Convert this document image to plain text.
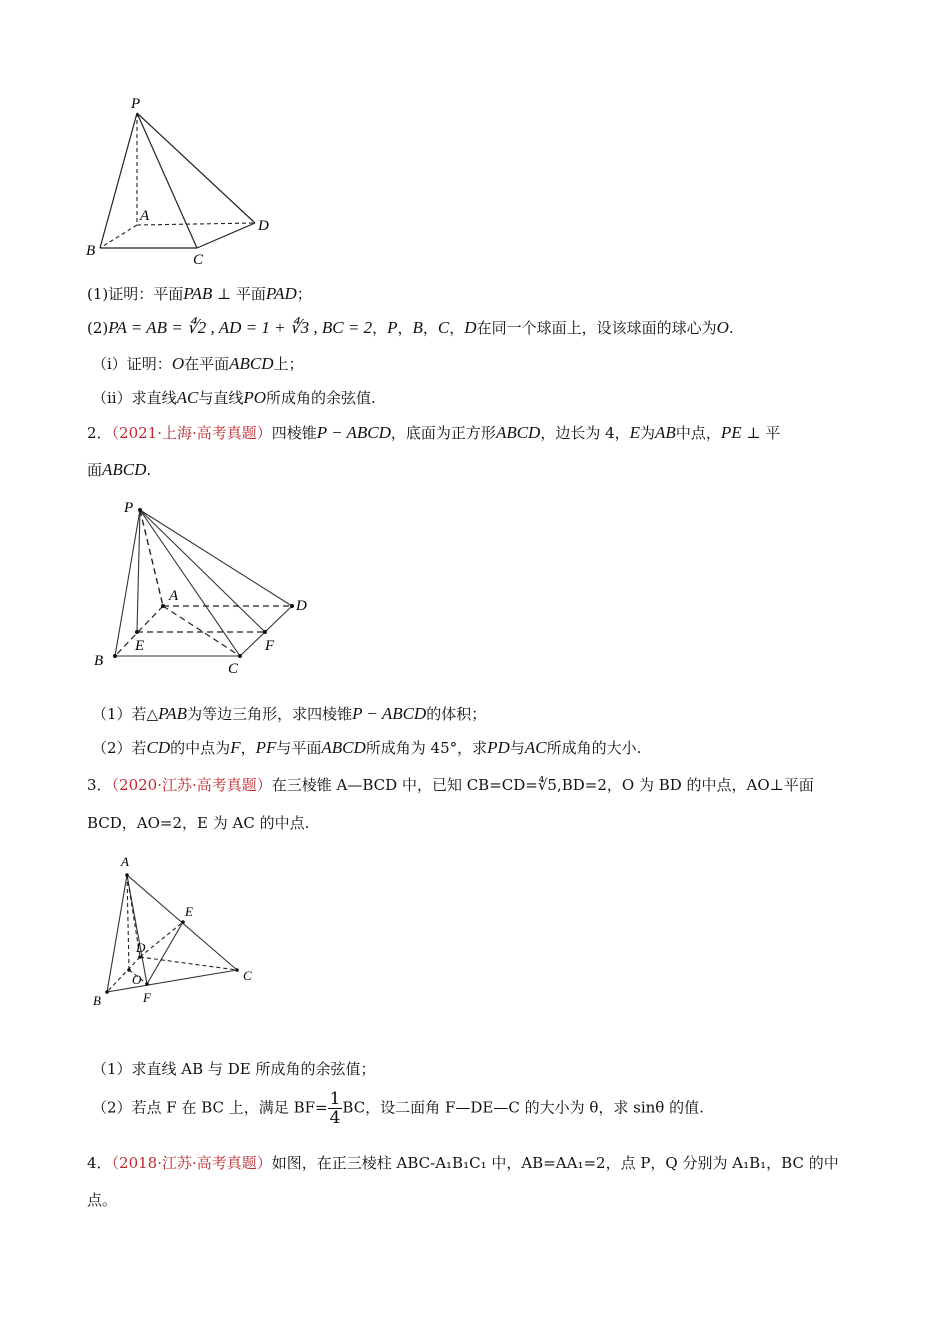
P
A
D
B
C
(1)证明：平面PAB ⊥ 平面PAD；
(2)PA = AB = ∜2 , AD = 1 + ∜3 , BC = 2，P，B，C，D在同一个球面上，设该球面的球心为O.
（i）证明：O在平面ABCD上；
（ii）求直线AC与直线PO所成角的余弦值.
2．（2021·上海·高考真题）四棱锥P − ABCD，底面为正方形ABCD，边长为 4，E为AB中点，PE ⊥ 平
面ABCD.
P
A
D
E	F
B	C
（1）若△PAB为等边三角形，求四棱锥P − ABCD的体积；
（2）若CD的中点为F，PF与平面ABCD所成角为 45°，求PD与AC所成角的大小.
3．（2020·江苏·高考真题）在三棱锥 A—BCD 中，已知 CB=CD=∜5,BD=2，O 为 BD 的中点，AO⊥平面
BCD，AO=2，E 为 AC 的中点.
A
E
D
C
O
B	F
（1）求直线 AB 与 DE 所成角的余弦值；
（2）若点 F 在 BC 上，满足 $BF= \frac{1}{4}$ BC，设二面角 F—DE—C 的大小为 θ，求 sinθ 的值.
4．（2018·江苏·高考真题）如图，在正三棱柱 ABC-A₁B₁C₁ 中，AB=AA₁=2，点 P，Q 分别为 A₁B₁，BC 的中
点。
